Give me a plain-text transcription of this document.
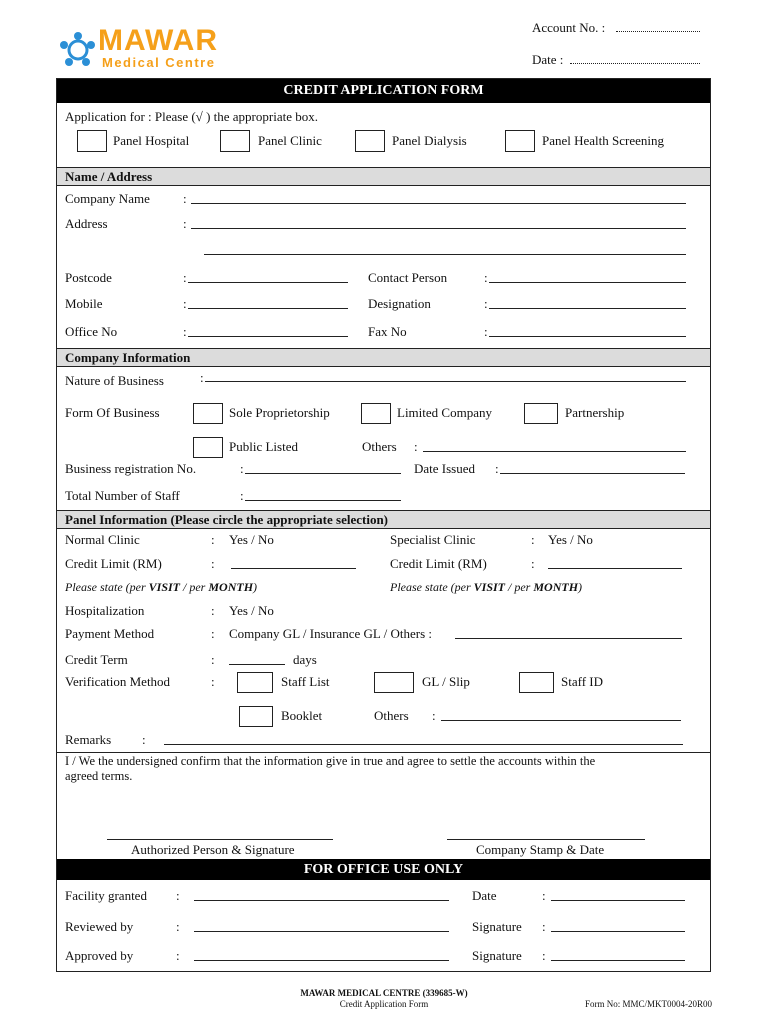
MAWAR
Medical Centre
Account No. :
Date :
CREDIT APPLICATION FORM
Application for : Please (√ ) the appropriate box.
Panel Hospital	Panel Clinic	Panel Dialysis	Panel Health Screening
Name / Address
Company Name	:
Address	:
Postcode	:	Contact Person	:
Mobile	:	Designation	:
Office No	:	Fax No	:
Company Information
Nature of Business	:
Form Of Business	Sole Proprietorship	Limited Company	Partnership
Public Listed	Others :
Business registration No.	:	Date Issued :
Total Number of Staff	:
Panel Information (Please circle the appropriate selection)
Normal Clinic	: Yes / No	Specialist Clinic	: Yes / No
Credit Limit (RM)	:	Credit Limit (RM)	:
Please state (per VISIT / per MONTH)	Please state (per VISIT / per MONTH)
Hospitalization	: Yes / No
Payment Method	: Company GL / Insurance GL / Others :
Credit Term	:	days
Verification Method	:	Staff List	GL / Slip	Staff ID
Booklet	Others :
Remarks :
I / We the undersigned confirm that the information give in true and agree to settle the accounts within the
agreed terms.
Authorized Person & Signature	Company Stamp & Date
FOR OFFICE USE ONLY
Facility granted :	Date	:
Reviewed by	:	Signature :
Approved by	:	Signature :
MAWAR MEDICAL CENTRE (339685-W)
Credit Application Form	Form No: MMC/MKT0004-20R00
